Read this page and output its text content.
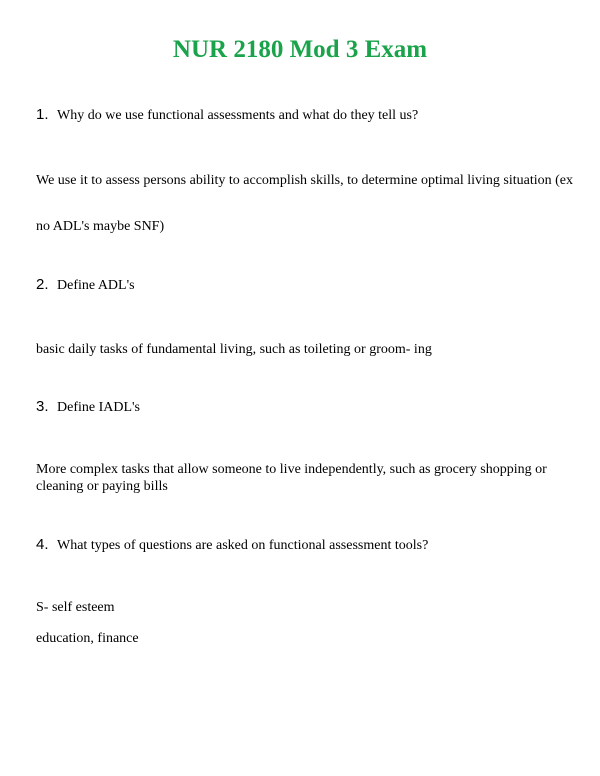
NUR 2180 Mod 3 Exam
1. Why do we use functional assessments and what do they tell us?
We use it to assess persons ability to accomplish skills, to determine optimal living situation (ex
no ADL's maybe SNF)
2. Define ADL's
basic daily tasks of fundamental living, such as toileting or groom- ing
3. Define IADL's
More complex tasks that allow someone to live independently, such as grocery shopping or
cleaning or paying bills
4. What types of questions are asked on functional assessment tools?
S- self esteem
education, finance
